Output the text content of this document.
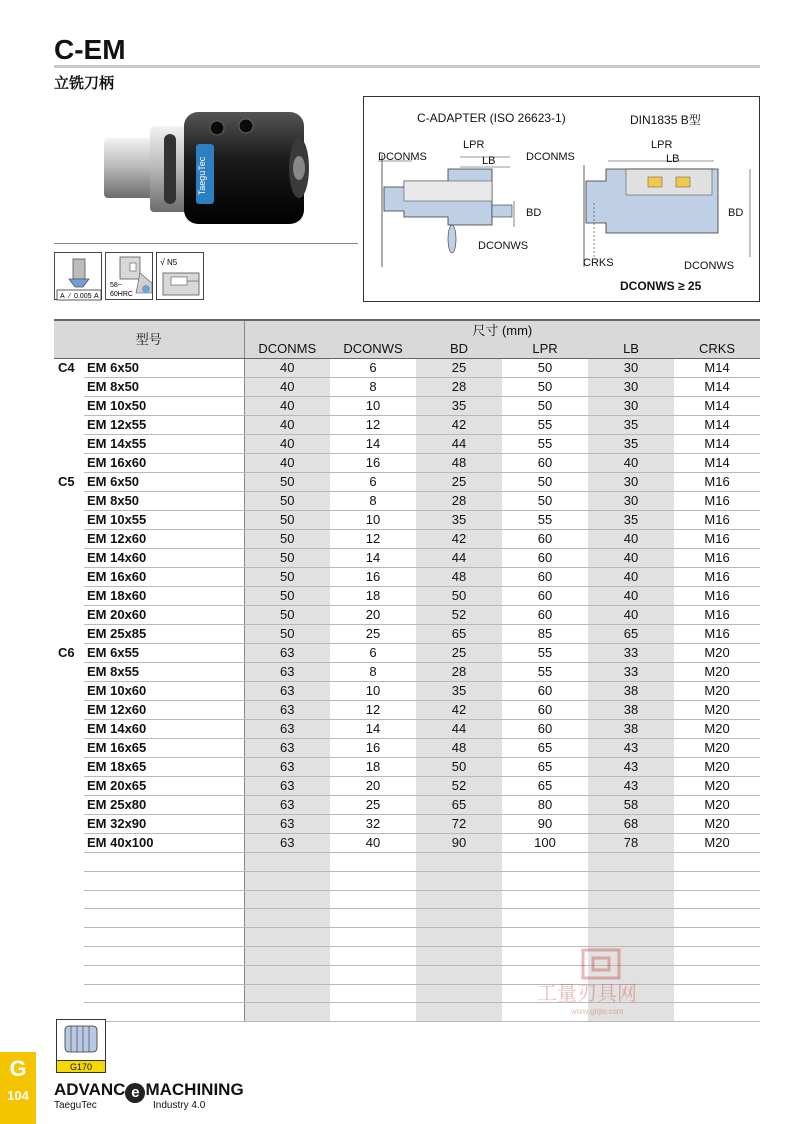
C-EM
立铣刀柄
TaeguTec
A ∕ 0.005 A
58~
60HRC
√ N5
C-ADAPTER (ISO 26623-1)	DIN1835 B型
DCONMS
LPR
LB
BD
DCONWS
DCONMS
LPR
LB
BD
CRKS	DCONWS
DCONWS ≥ 25
型号		尺寸 (mm)					
		DCONMS	DCONWS	BD	LPR	LB	CRKS
C4	EM 6x50	40	6	25	50	30	M14
	EM 8x50	40	8	28	50	30	M14
	EM 10x50	40	10	35	50	30	M14
	EM 12x55	40	12	42	55	35	M14
	EM 14x55	40	14	44	55	35	M14
	EM 16x60	40	16	48	60	40	M14
C5	EM 6x50	50	6	25	50	30	M16
	EM 8x50	50	8	28	50	30	M16
	EM 10x55	50	10	35	55	35	M16
	EM 12x60	50	12	42	60	40	M16
	EM 14x60	50	14	44	60	40	M16
	EM 16x60	50	16	48	60	40	M16
	EM 18x60	50	18	50	60	40	M16
	EM 20x60	50	20	52	60	40	M16
	EM 25x85	50	25	65	85	65	M16
C6	EM 6x55	63	6	25	55	33	M20
	EM 8x55	63	8	28	55	33	M20
	EM 10x60	63	10	35	60	38	M20
	EM 12x60	63	12	42	60	38	M20
	EM 14x60	63	14	44	60	38	M20
	EM 16x65	63	16	48	65	43	M20
	EM 18x65	63	18	50	65	43	M20
	EM 20x65	63	20	52	65	43	M20
	EM 25x80	63	25	65	80	58	M20
	EM 32x90	63	32	72	90	68	M20
	EM 40x100	63	40	90	100	78	M20

工量刃具网
www.glrjw.com
G170
G
104	ADVANC e MACHINING
TaeguTec	Industry 4.0
